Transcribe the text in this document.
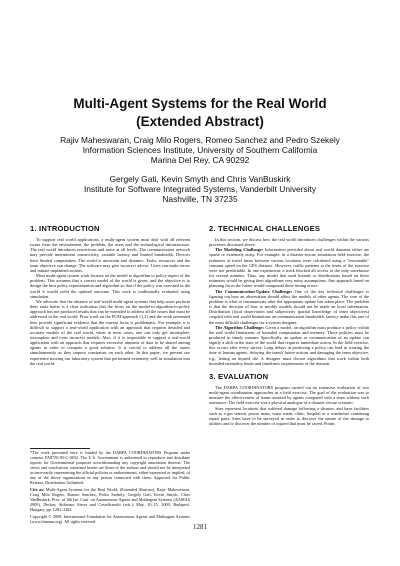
Multi-Agent Systems for the Real World
(Extended Abstract)
Rajiv Maheswaran, Craig Milo Rogers, Romeo Sanchez and Pedro Szekely
Information Sciences Institute, University of Southern California
Marina Del Rey, CA 90292
Gergely Gati, Kevin Smyth and Chris VanBuskirk
Institute for Software Integrated Systems, Vanderbilt University
Nashville, TN 37235
1. INTRODUCTION

To support real world applications, a multi-agent system must deal with all relevant issues from the environment, the problem, the users and the technological infrastructure. The real world introduces restrictions and noise at all levels. The communication network may provide intermittent connectivity, variable latency and limited bandwidth. Devices have limited computation. The world is uncertain and dynamic. Tasks, resources and the team objective can change. The software may give incorrect advice. Users can make errors and initiate unplanned actions.

Most multi-agent system work focuses on the model to algorithm to policy aspect of the problem. This assumes that a correct model of the world is given, and the objective is to design the best policy representation and algorithm so that if the policy was executed in the world it would yield the optimal outcome. This work is traditionally evaluated using simulation.

We advocate that the absence of real-world multi-agent systems that help users perform their tasks better is a clear indication that the focus on the model-to-algorithm-to-policy approach has not produced results that can be extended to address all the issues that must be addressed in the real world. Prior work on the PCM approach [1,2] and the work presented here provide significant evidence that the current focus is problematic. For example, it is difficult to support a real-world application with an approach that requires detailed and accurate models of the real world, when in most cases, one can only get incomplete, incomplete and even incorrect models. Also, if it is impossible to support a real-world application with an approach that requires excessive amounts of data to be shared among agents in order to compute a good solution. It is crucial to address all the issues simultaneously as they impose constraints on each other. In this paper, we present our experience moving our laboratory system that performed extremely well in simulation into the real world.

*The work presented here is funded by the DARPA COORDINATORS Program under contract FA8750-05-C-0032. The U.S. Government is authorized to reproduce and distribute reports for Governmental purposes notwithstanding any copyright annotation thereon. The views and conclusions contained herein are those of the authors and should not be interpreted as necessarily representing the official policies or endorsements, either expressed or implied, of any of the above organizations or any person connected with them. Approved for Public Release, Distribution Unlimited.

Cite as: Multi-Agent Systems for the Real World, (Extended Abstract), Rajiv Maheswaran, Craig Milo Rogers, Romeo Sanchez, Pedro Szekely, Gergely Gati, Kevin Smyth, Chris VanBuskirk, Proc. of 8th Int. Conf. on Autonomous Agents and Multiagent Systems (AAMAS 2009), Decker, Sichman, Sierra and Castelfranchi (eds.), May, 10–15, 2009, Budapest, Hungary, pp. 1281–1282

Copyright © 2009, International Foundation for Autonomous Agents and Multiagent Systems (www.ifaamas.org). All rights reserved.

2. TECHNICAL CHALLENGES

In this section, we discuss how the real world introduces challenges within the various processes discussed above.

The Modeling Challenge: Information provided about real world domains either are sparse or extremely noisy. For example, in a disaster-rescue simulation field exercise, the estimates of travel times between various locations were calculated using a "reasonable" constant speed on the GPS distance. However, traffic patterns at the times of the exercise were not predictable. In one experiment, a truck blocked all access to the only warehouse for several minutes. Thus, any model that used bounds or distributions based on these estimates would be giving their algorithms very noisy assumptions. Any approach based on planning far in the future would compound these timing errors.

The Communication-Update Challenge: One of the key technical challenges is figuring out how an observation should affect the models of other agents. The core of the problem is what to communicate after the appropriate update has taken place. The problem is that the decision of how to modify models should not be made on local information. Distribution (local observation and subjectivity (partial knowledge of team objectives) coupled with real world limitations on communication bandwidth, latency make this one of the most difficult challenges for a system designer.

The Algorithm Challenge: Given a model, an algorithm must produce a policy within the real world limitations of bounded computation and memory. These policies must be produced in timely manner. Specifically, an update or communication of an update can signify a shift in the state of the world that requires immediate action. In the field exercise, this occurs after every survey. Long delays in producing a policy can lead to wasting the time of human agents, delaying the team's future actions and damaging the team objective, e.g., letting an injured die. A designer must choose algorithms that work within both bounded rationality limits and timeliness requirements of the domain.

3. EVALUATION

The DARPA COORDINATORS program carried out an extensive evaluation of two multi-agent coordination approaches in a field exercise. The goal of the evaluation was to measure the effectiveness of teams assisted by agents compared with a team without such assistance. The field exercise was a physical analogue of a disaster rescue scenario.

Sites represent locations that suffered damage following a disaster, and have facilities such as a gas station, power main, water main, clinic, hospital or a warehouse containing repair parts. Sites have to be surveyed in order to discover the nature of the damage to utilities and to discover the number of injured that must be saved. Points

1281
